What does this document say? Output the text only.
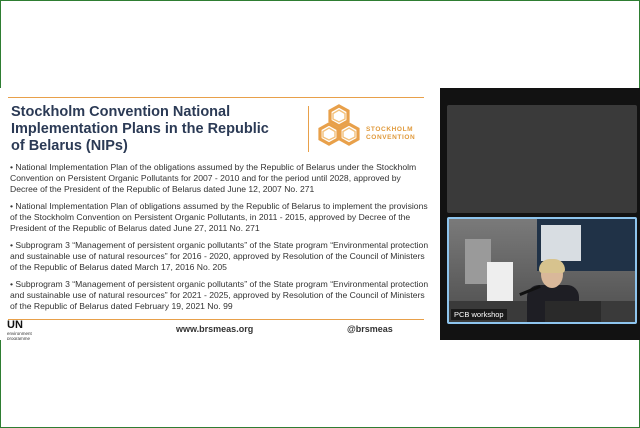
Stockholm Convention National Implementation Plans in the Republic of Belarus (NIPs)
STOCKHOLM
CONVENTION

• National Implementation Plan of the obligations assumed by the Republic of Belarus under the Stockholm Convention on Persistent Organic Pollutants for 2007 - 2010 and for the period until 2028, approved by Decree of the President of the Republic of Belarus dated June 12, 2007 No. 271

• National Implementation Plan of obligations assumed by the Republic of Belarus to implement the provisions of the Stockholm Convention on Persistent Organic Pollutants, in 2011 - 2015, approved by Decree of the President of the Republic of Belarus dated June 27, 2011 No. 271

• Subprogram 3 “Management of persistent organic pollutants” of the State program “Environmental protection and sustainable use of natural resources” for 2016 - 2020, approved by Resolution of the Council of Ministers of the Republic of Belarus dated March 17, 2016 No. 205

• Subprogram 3 “Management of persistent organic pollutants” of the State program “Environmental protection and sustainable use of natural resources” for 2021 - 2025, approved by Resolution of the Council of Ministers of the Republic of Belarus dated February 19, 2021 No. 99

UN
environment
programme
www.brsmeas.org	@brsmeas
PCB workshop
